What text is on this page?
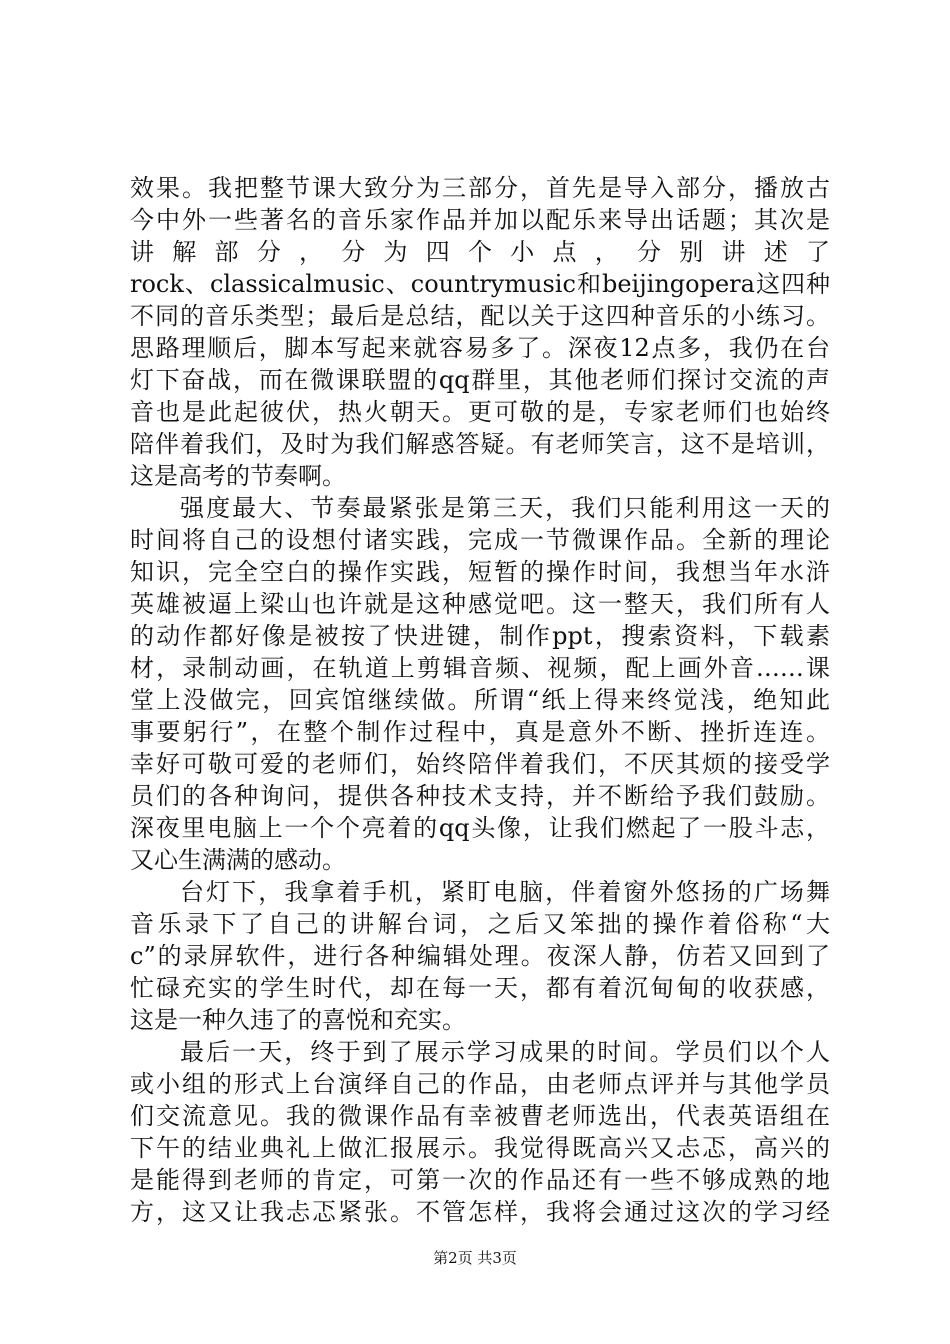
效果。我把整节课大致分为三部分，首先是导入部分，播放古
今中外一些著名的音乐家作品并加以配乐来导出话题；其次是
讲 解 部 分 ， 分 为 四 个 小 点 ， 分 别 讲 述 了
rock、classicalmusic、countrymusic和beijingopera这四种
不同的音乐类型；最后是总结，配以关于这四种音乐的小练习。
思路理顺后，脚本写起来就容易多了。深夜12点多，我仍在台
灯下奋战，而在微课联盟的qq群里，其他老师们探讨交流的声
音也是此起彼伏，热火朝天。更可敬的是，专家老师们也始终
陪伴着我们，及时为我们解惑答疑。有老师笑言，这不是培训，
这是高考的节奏啊。
强度最大、节奏最紧张是第三天，我们只能利用这一天的
时间将自己的设想付诸实践，完成一节微课作品。全新的理论
知识，完全空白的操作实践，短暂的操作时间，我想当年水浒
英雄被逼上梁山也许就是这种感觉吧。这一整天，我们所有人
的动作都好像是被按了快进键，制作ppt，搜索资料，下载素
材，录制动画，在轨道上剪辑音频、视频，配上画外音……课
堂上没做完，回宾馆继续做。所谓“纸上得来终觉浅，绝知此
事要躬行”，在整个制作过程中，真是意外不断、挫折连连。
幸好可敬可爱的老师们，始终陪伴着我们，不厌其烦的接受学
员们的各种询问，提供各种技术支持，并不断给予我们鼓励。
深夜里电脑上一个个亮着的qq头像，让我们燃起了一股斗志，
又心生满满的感动。
台灯下，我拿着手机，紧盯电脑，伴着窗外悠扬的广场舞
音乐录下了自己的讲解台词，之后又笨拙的操作着俗称“大
c”的录屏软件，进行各种编辑处理。夜深人静，仿若又回到了
忙碌充实的学生时代，却在每一天，都有着沉甸甸的收获感，
这是一种久违了的喜悦和充实。
最后一天，终于到了展示学习成果的时间。学员们以个人
或小组的形式上台演绎自己的作品，由老师点评并与其他学员
们交流意见。我的微课作品有幸被曹老师选出，代表英语组在
下午的结业典礼上做汇报展示。我觉得既高兴又忐忑，高兴的
是能得到老师的肯定，可第一次的作品还有一些不够成熟的地
方，这又让我忐忑紧张。不管怎样，我将会通过这次的学习经
第2页 共3页
